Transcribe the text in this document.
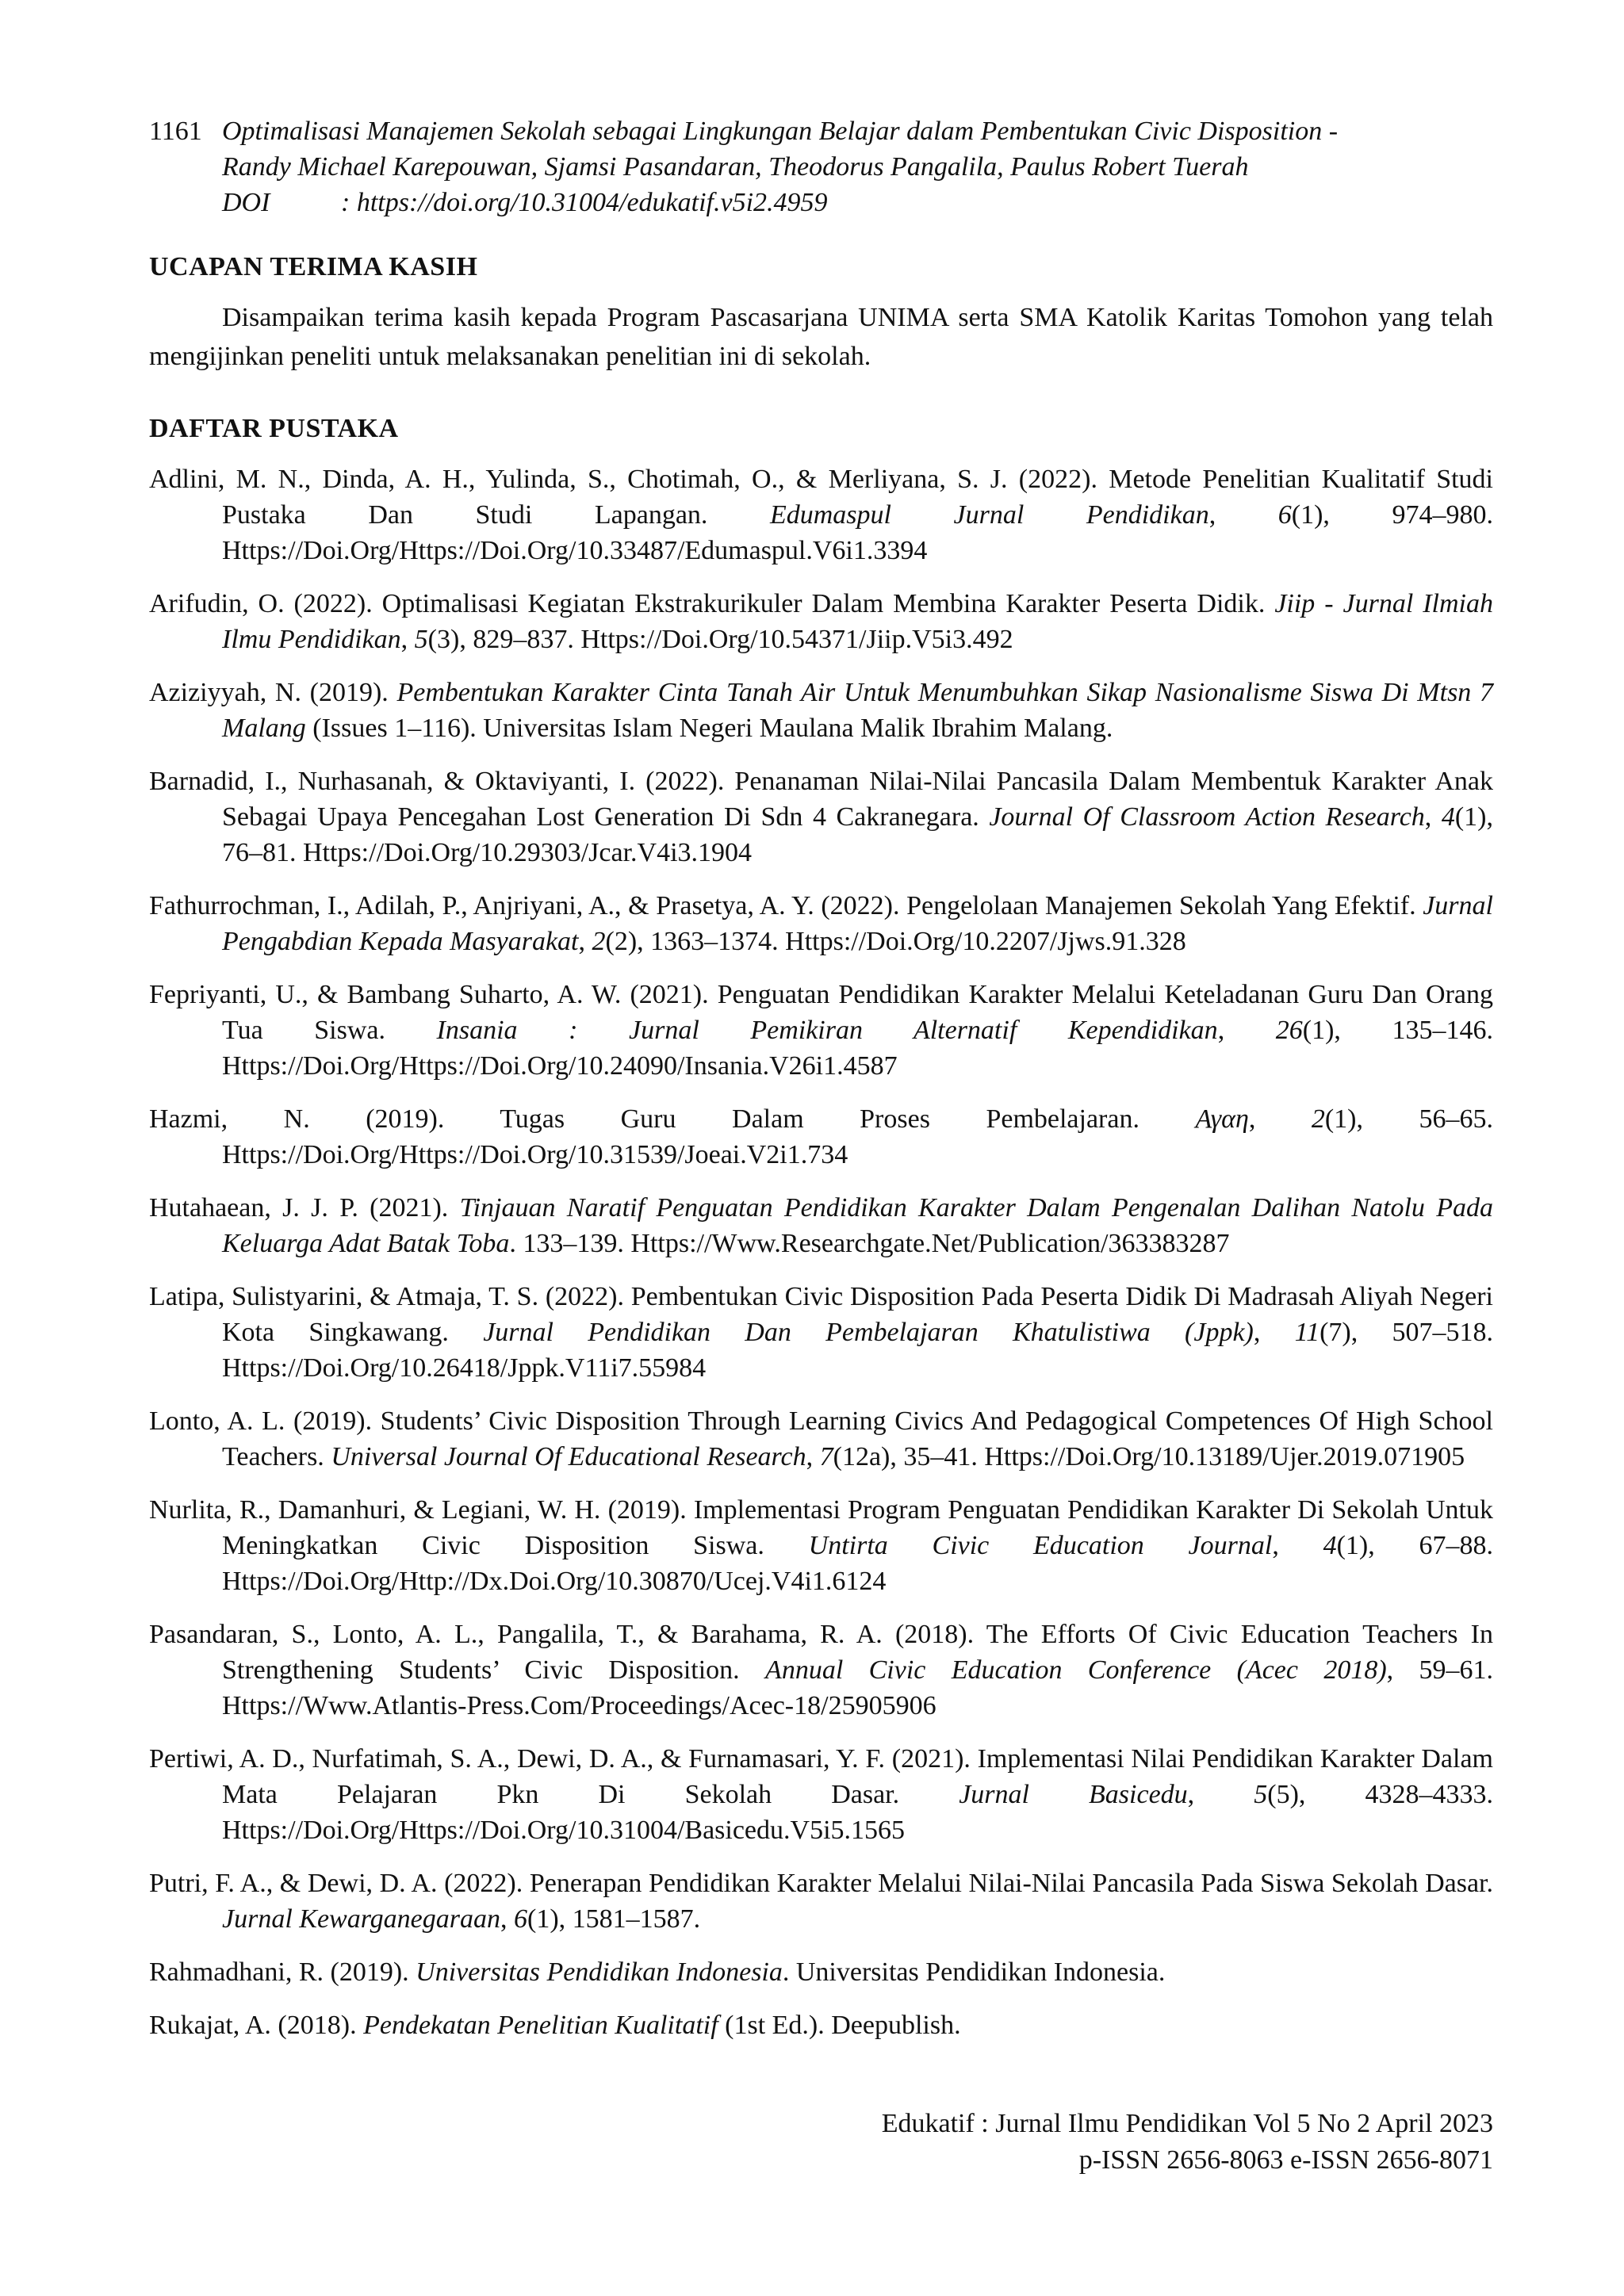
1161 Optimalisasi Manajemen Sekolah sebagai Lingkungan Belajar dalam Pembentukan Civic Disposition -
Randy Michael Karepouwan, Sjamsi Pasandaran, Theodorus Pangalila, Paulus Robert Tuerah
DOI	: https://doi.org/10.31004/edukatif.v5i2.4959
UCAPAN TERIMA KASIH
Disampaikan terima kasih kepada Program Pascasarjana UNIMA serta SMA Katolik Karitas Tomohon yang telah mengijinkan peneliti untuk melaksanakan penelitian ini di sekolah.
DAFTAR PUSTAKA

Adlini, M. N., Dinda, A. H., Yulinda, S., Chotimah, O., & Merliyana, S. J. (2022). Metode Penelitian Kualitatif Studi Pustaka Dan Studi Lapangan. Edumaspul Jurnal Pendidikan, 6(1), 974–980. Https://Doi.Org/Https://Doi.Org/10.33487/Edumaspul.V6i1.3394

Arifudin, O. (2022). Optimalisasi Kegiatan Ekstrakurikuler Dalam Membina Karakter Peserta Didik. Jiip - Jurnal Ilmiah Ilmu Pendidikan, 5(3), 829–837. Https://Doi.Org/10.54371/Jiip.V5i3.492

Aziziyyah, N. (2019). Pembentukan Karakter Cinta Tanah Air Untuk Menumbuhkan Sikap Nasionalisme Siswa Di Mtsn 7 Malang (Issues 1–116). Universitas Islam Negeri Maulana Malik Ibrahim Malang.

Barnadid, I., Nurhasanah, & Oktaviyanti, I. (2022). Penanaman Nilai-Nilai Pancasila Dalam Membentuk Karakter Anak Sebagai Upaya Pencegahan Lost Generation Di Sdn 4 Cakranegara. Journal Of Classroom Action Research, 4(1), 76–81. Https://Doi.Org/10.29303/Jcar.V4i3.1904

Fathurrochman, I., Adilah, P., Anjriyani, A., & Prasetya, A. Y. (2022). Pengelolaan Manajemen Sekolah Yang Efektif. Jurnal Pengabdian Kepada Masyarakat, 2(2), 1363–1374. Https://Doi.Org/10.2207/Jjws.91.328

Fepriyanti, U., & Bambang Suharto, A. W. (2021). Penguatan Pendidikan Karakter Melalui Keteladanan Guru Dan Orang Tua Siswa. Insania : Jurnal Pemikiran Alternatif Kependidikan, 26(1), 135–146. Https://Doi.Org/Https://Doi.Org/10.24090/Insania.V26i1.4587

Hazmi, N. (2019). Tugas Guru Dalam Proses Pembelajaran. Αγαη, 2(1), 56–65. Https://Doi.Org/Https://Doi.Org/10.31539/Joeai.V2i1.734

Hutahaean, J. J. P. (2021). Tinjauan Naratif Penguatan Pendidikan Karakter Dalam Pengenalan Dalihan Natolu Pada Keluarga Adat Batak Toba. 133–139. Https://Www.Researchgate.Net/Publication/363383287

Latipa, Sulistyarini, & Atmaja, T. S. (2022). Pembentukan Civic Disposition Pada Peserta Didik Di Madrasah Aliyah Negeri Kota Singkawang. Jurnal Pendidikan Dan Pembelajaran Khatulistiwa (Jppk), 11(7), 507–518. Https://Doi.Org/10.26418/Jppk.V11i7.55984

Lonto, A. L. (2019). Students’ Civic Disposition Through Learning Civics And Pedagogical Competences Of High School Teachers. Universal Journal Of Educational Research, 7(12a), 35–41. Https://Doi.Org/10.13189/Ujer.2019.071905

Nurlita, R., Damanhuri, & Legiani, W. H. (2019). Implementasi Program Penguatan Pendidikan Karakter Di Sekolah Untuk Meningkatkan Civic Disposition Siswa. Untirta Civic Education Journal, 4(1), 67–88. Https://Doi.Org/Http://Dx.Doi.Org/10.30870/Ucej.V4i1.6124

Pasandaran, S., Lonto, A. L., Pangalila, T., & Barahama, R. A. (2018). The Efforts Of Civic Education Teachers In Strengthening Students’ Civic Disposition. Annual Civic Education Conference (Acec 2018), 59–61. Https://Www.Atlantis-Press.Com/Proceedings/Acec-18/25905906

Pertiwi, A. D., Nurfatimah, S. A., Dewi, D. A., & Furnamasari, Y. F. (2021). Implementasi Nilai Pendidikan Karakter Dalam Mata Pelajaran Pkn Di Sekolah Dasar. Jurnal Basicedu, 5(5), 4328–4333. Https://Doi.Org/Https://Doi.Org/10.31004/Basicedu.V5i5.1565

Putri, F. A., & Dewi, D. A. (2022). Penerapan Pendidikan Karakter Melalui Nilai-Nilai Pancasila Pada Siswa Sekolah Dasar. Jurnal Kewarganegaraan, 6(1), 1581–1587.

Rahmadhani, R. (2019). Universitas Pendidikan Indonesia. Universitas Pendidikan Indonesia.

Rukajat, A. (2018). Pendekatan Penelitian Kualitatif (1st Ed.). Deepublish.

Edukatif : Jurnal Ilmu Pendidikan Vol 5 No 2 April 2023
p-ISSN 2656-8063 e-ISSN 2656-8071
